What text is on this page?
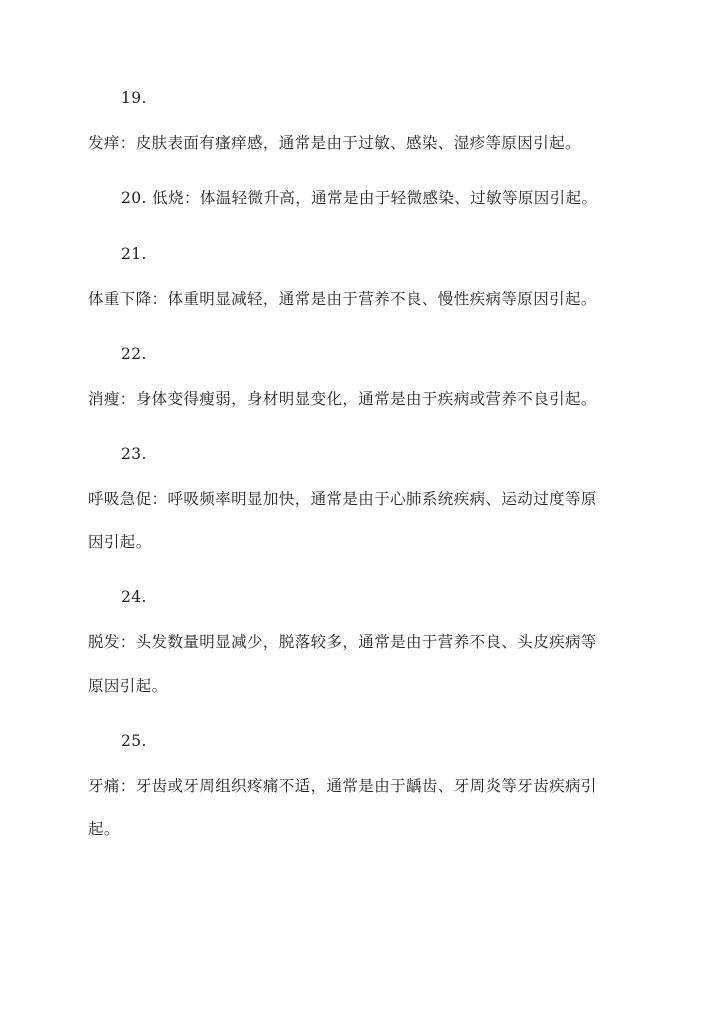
19.
发痒：皮肤表面有瘙痒感，通常是由于过敏、感染、湿疹等原因引起。
20. 低烧：体温轻微升高，通常是由于轻微感染、过敏等原因引起。
21.
体重下降：体重明显减轻，通常是由于营养不良、慢性疾病等原因引起。
22.
消瘦：身体变得瘦弱，身材明显变化，通常是由于疾病或营养不良引起。
23.
呼吸急促：呼吸频率明显加快，通常是由于心肺系统疾病、运动过度等原
因引起。
24.
脱发：头发数量明显减少，脱落较多，通常是由于营养不良、头皮疾病等
原因引起。
25.
牙痛：牙齿或牙周组织疼痛不适，通常是由于龋齿、牙周炎等牙齿疾病引
起。
